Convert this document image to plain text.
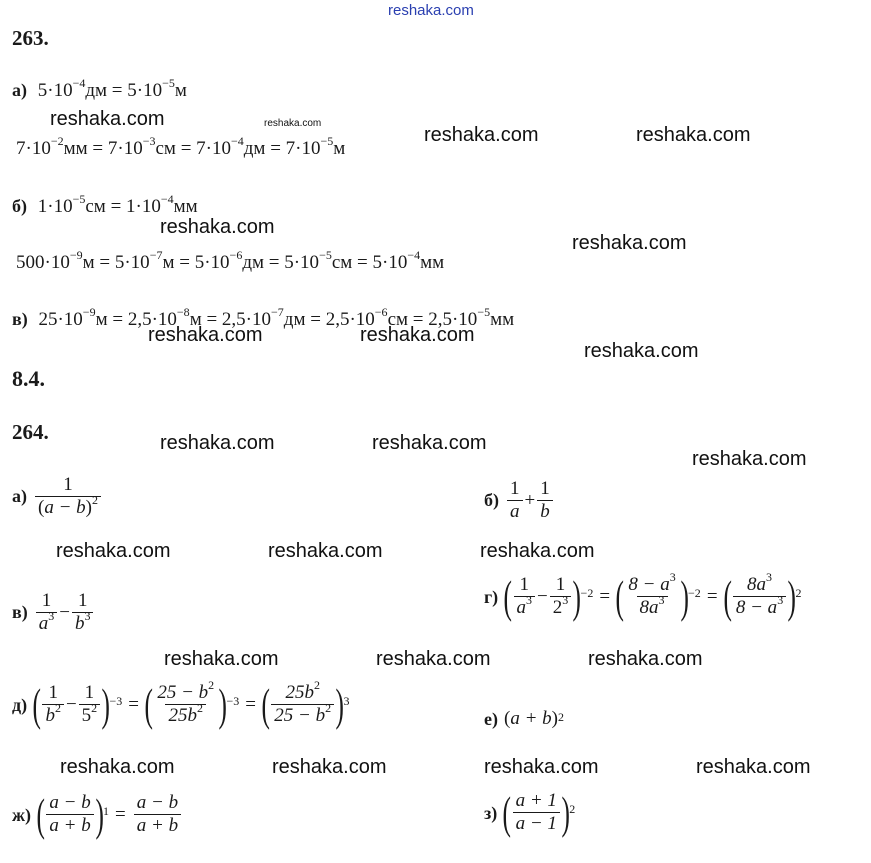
reshaka.com
263.
а) $5\cdot 10^{-4}дм = 5\cdot 10^{-5}м$
reshaka.com	reshaka.com
$7\cdot 10^{-2}мм = 7\cdot 10^{-3}см = 7\cdot 10^{-4}дм = 7\cdot 10^{-5}м$
reshaka.com	reshaka.com
б) $1\cdot 10^{-5}см = 1\cdot 10^{-4}мм$
reshaka.com
$500\cdot 10^{-9}м = 5\cdot 10^{-7}м = 5\cdot 10^{-6}дм = 5\cdot 10^{-5}см = 5\cdot 10^{-4}мм$
reshaka.com
в) $25\cdot 10^{-9}м = 2,5\cdot 10^{-8}м = 2,5\cdot 10^{-7}дм = 2,5\cdot 10^{-6}см = 2,5\cdot 10^{-5}мм$
reshaka.com	reshaka.com
reshaka.com
8.4.
264.	reshaka.com	reshaka.com
reshaka.com
$а) \frac{1}{(a - b)^2}$	$б) \frac{1}{a} + \frac{1}{b}$
reshaka.com	reshaka.com	reshaka.com
$в) \frac{1}{a^3} - \frac{1}{b^3}$	г) ( $\frac{1}{a^3} - \frac{1}{2^3}$ ) −2 = ( $\frac{8 - a^3}{8a^3}$ ) −2 = ( $\frac{8a^3}{8 - a^3}$ ) 2
reshaka.com	reshaka.com	reshaka.com
д) ( $\frac{1}{b^2} - \frac{1}{5^2}$ ) −3 = ( $\frac{25 - b^2}{25b^2}$ ) −3 = ( $\frac{25b^2}{25 - b^2}$ ) 3
е) ( a + b )$^2$
reshaka.com	reshaka.com	reshaka.com	reshaka.com
ж) ( $\frac{a - b}{a + b}$ ) $1 = \frac{a - b}{a + b}$	з) ( $\frac{a + 1}{a - 1}$ ) 2
